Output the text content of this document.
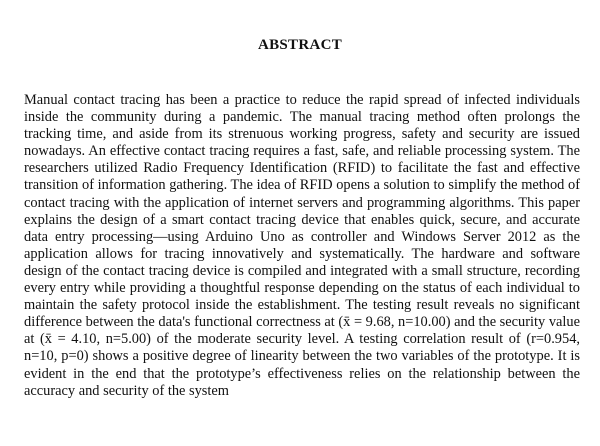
ABSTRACT

Manual contact tracing has been a practice to reduce the rapid spread of infected individuals inside the community during a pandemic. The manual tracing method often prolongs the tracking time, and aside from its strenuous working progress, safety and security are issued nowadays. An effective contact tracing requires a fast, safe, and reliable processing system. The researchers utilized Radio Frequency Identification (RFID) to facilitate the fast and effective transition of information gathering. The idea of RFID opens a solution to simplify the method of contact tracing with the application of internet servers and programming algorithms. This paper explains the design of a smart contact tracing device that enables quick, secure, and accurate data entry processing—using Arduino Uno as controller and Windows Server 2012 as the application allows for tracing innovatively and systematically. The hardware and software design of the contact tracing device is compiled and integrated with a small structure, recording every entry while providing a thoughtful response depending on the status of each individual to maintain the safety protocol inside the establishment. The testing result reveals no significant difference between the data's functional correctness at (x̄ = 9.68, n=10.00) and the security value at (x̄ = 4.10, n=5.00) of the moderate security level. A testing correlation result of (r=0.954, n=10, p=0) shows a positive degree of linearity between the two variables of the prototype. It is evident in the end that the prototype’s effectiveness relies on the relationship between the accuracy and security of the system
